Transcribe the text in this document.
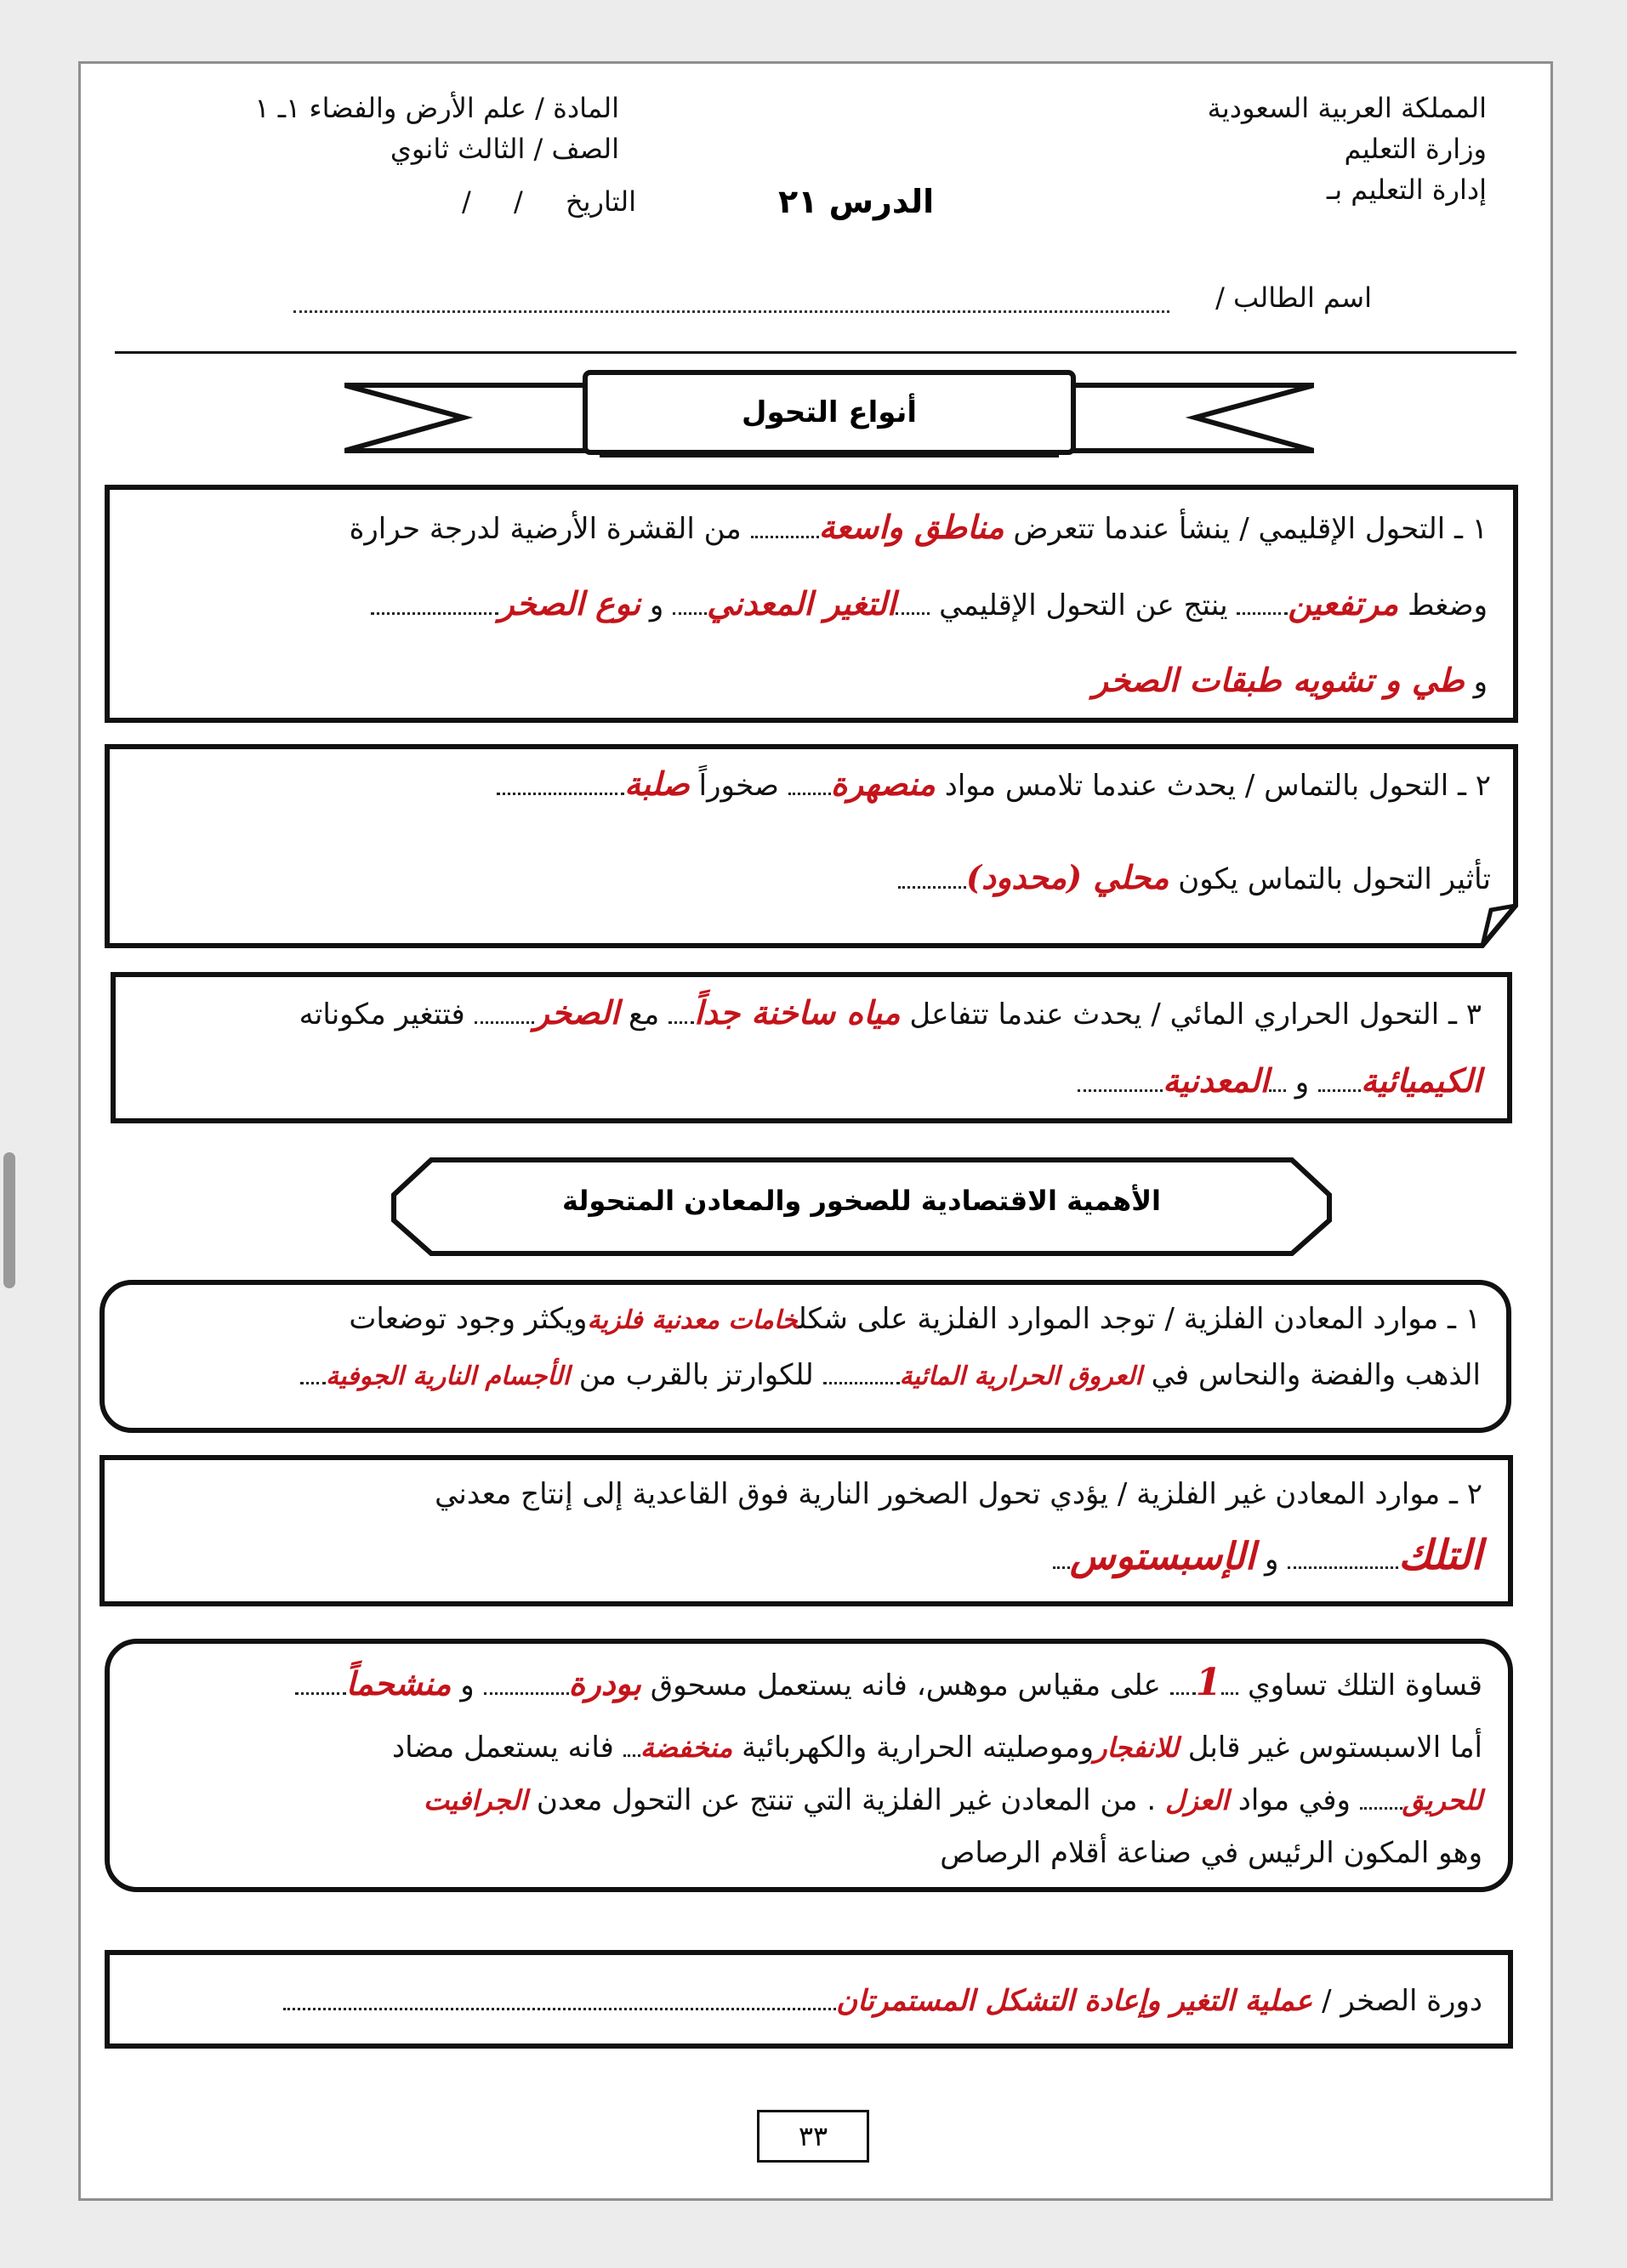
المملكة العربية السعودية
وزارة التعليم
إدارة التعليم بـ
المادة / علم الأرض والفضاء ١ـ ١
الصف / الثالث ثانوي
التاريخ / /	الدرس ٢١
اسم الطالب /
أنواع التحول
١ ـ التحول الإقليمي / ينشأ عندما تتعرض مناطق واسعة من القشرة الأرضية لدرجة حرارة
وضغط مرتفعين ينتج عن التحول الإقليمي التغير المعدني و نوع الصخر
و طي و تشويه طبقات الصخر
٢ ـ التحول بالتماس / يحدث عندما تلامس مواد منصهرة صخوراً صلبة
تأثير التحول بالتماس يكون محلي (محدود)
٣ ـ التحول الحراري المائي / يحدث عندما تتفاعل مياه ساخنة جداً مع الصخر فتتغير مكوناته
الكيميائية و المعدنية
الأهمية الاقتصادية للصخور والمعادن المتحولة
١ ـ موارد المعادن الفلزية / توجد الموارد الفلزية على شكلخامات معدنية فلزيةويكثر وجود توضعات
الذهب والفضة والنحاس في العروق الحرارية المائية للكوارتز بالقرب من الأجسام النارية الجوفية
٢ ـ موارد المعادن غير الفلزية / يؤدي تحول الصخور النارية فوق القاعدية إلى إنتاج معدني
التلك و الإسبستوس
قساوة التلك تساوي 1 على مقياس موهس، فانه يستعمل مسحوق بودرة و منشحماً
أما الاسبستوس غير قابل للانفجاروموصليته الحرارية والكهربائية منخفضة فانه يستعمل مضاد
للحريق وفي مواد العزل . من المعادن غير الفلزية التي تنتج عن التحول معدن الجرافيت
وهو المكون الرئيس في صناعة أقلام الرصاص
دورة الصخر / عملية التغير وإعادة التشكل المستمرتان
٣٣
